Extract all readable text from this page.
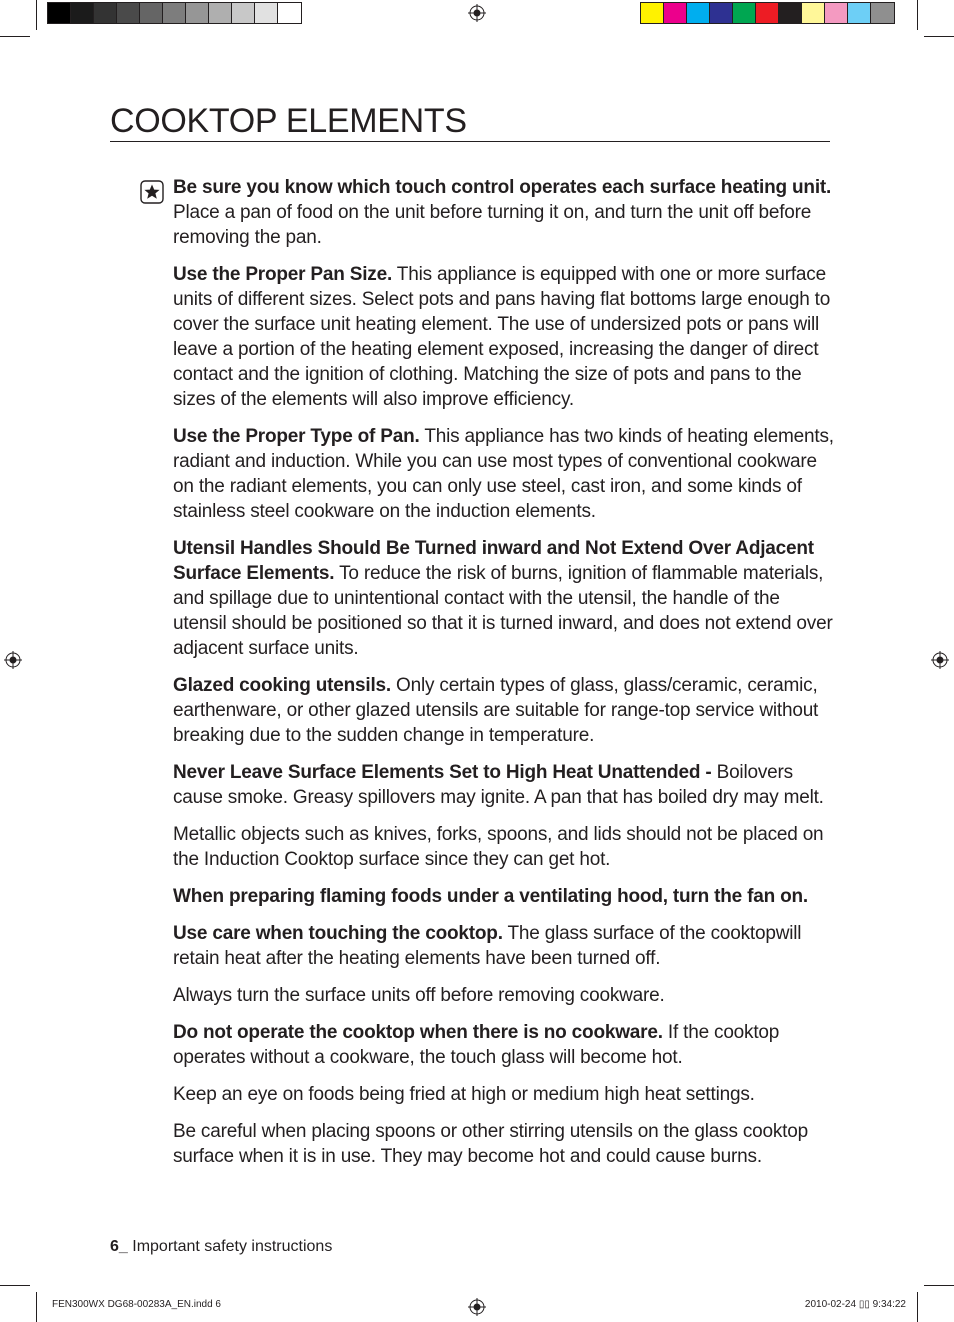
COOKTOP ELEMENTS

Be sure you know which touch control operates each surface heating unit. Place a pan of food on the unit before turning it on, and turn the unit off before removing the pan.

Use the Proper Pan Size. This appliance is equipped with one or more surface units of different sizes. Select pots and pans having flat bottoms large enough to cover the surface unit heating element. The use of undersized pots or pans will leave a portion of the heating element exposed, increasing the danger of direct contact and the ignition of clothing. Matching the size of pots and pans to the sizes of the elements will also improve efficiency.

Use the Proper Type of Pan. This appliance has two kinds of heating elements, radiant and induction. While you can use most types of conventional cookware on the radiant elements, you can only use steel, cast iron, and some kinds of stainless steel cookware on the induction elements.

Utensil Handles Should Be Turned inward and Not Extend Over Adjacent Surface Elements. To reduce the risk of burns, ignition of flammable materials, and spillage due to unintentional contact with the utensil, the handle of the utensil should be positioned so that it is turned inward, and does not extend over adjacent surface units.

Glazed cooking utensils. Only certain types of glass, glass/ceramic, ceramic, earthenware, or other glazed utensils are suitable for range-top service without breaking due to the sudden change in temperature.

Never Leave Surface Elements Set to High Heat Unattended - Boilovers cause smoke. Greasy spillovers may ignite. A pan that has boiled dry may melt.

Metallic objects such as knives, forks, spoons, and lids should not be placed on the Induction Cooktop surface since they can get hot.

When preparing flaming foods under a ventilating hood, turn the fan on.

Use care when touching the cooktop. The glass surface of the cooktopwill retain heat after the heating elements have been turned off.

Always turn the surface units off before removing cookware.

Do not operate the cooktop when there is no cookware. If the cooktop operates without a cookware, the touch glass will become hot.

Keep an eye on foods being fried at high or medium high heat settings.

Be careful when placing spoons or other stirring utensils on the glass cooktop surface when it is in use. They may become hot and could cause burns.

6_ Important safety instructions
FEN300WX DG68-00283A_EN.indd 6	2010-02-24 ▯▯ 9:34:22
